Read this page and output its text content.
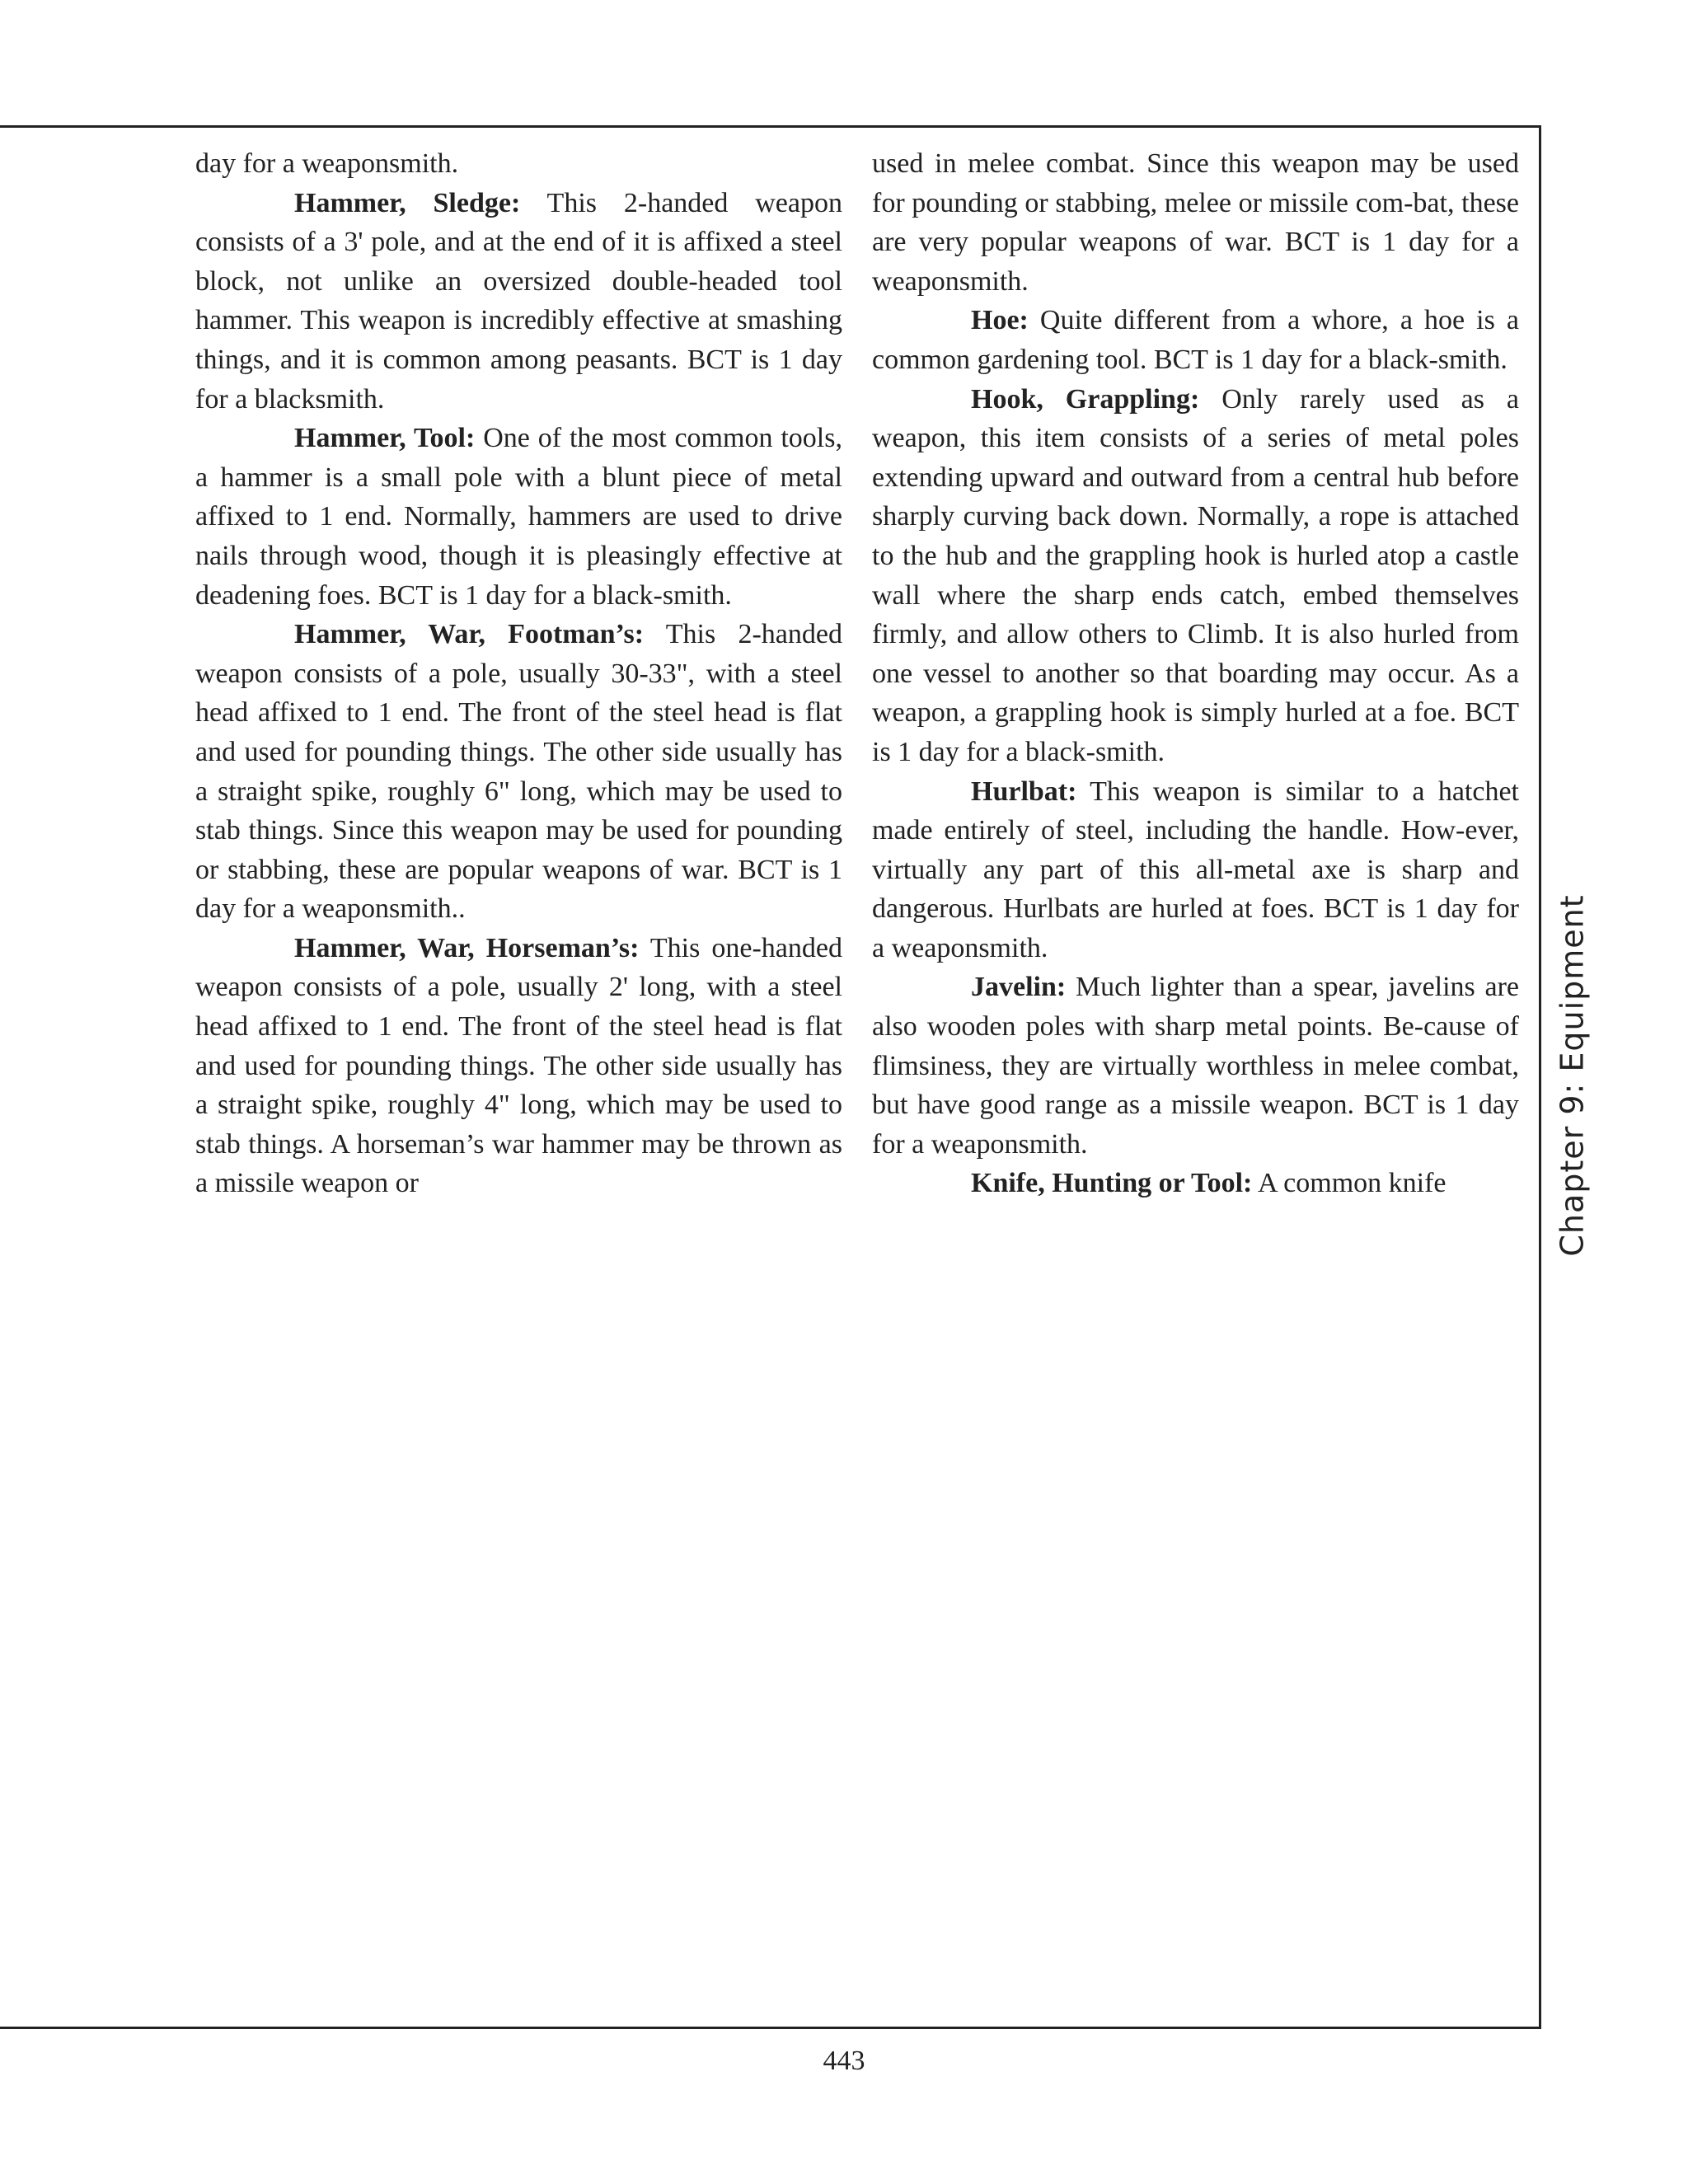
day for a weaponsmith.

Hammer, Sledge: This 2-handed weapon consists of a 3' pole, and at the end of it is affixed a steel block, not unlike an oversized double-headed tool hammer. This weapon is incredibly effective at smashing things, and it is common among peasants. BCT is 1 day for a blacksmith.

Hammer, Tool: One of the most common tools, a hammer is a small pole with a blunt piece of metal affixed to 1 end. Normally, hammers are used to drive nails through wood, though it is pleasingly effective at deadening foes. BCT is 1 day for a black-smith.

Hammer, War, Footman’s: This 2-handed weapon consists of a pole, usually 30-33", with a steel head affixed to 1 end. The front of the steel head is flat and used for pounding things. The other side usually has a straight spike, roughly 6" long, which may be used to stab things. Since this weapon may be used for pounding or stabbing, these are popular weapons of war. BCT is 1 day for a weaponsmith..

Hammer, War, Horseman’s: This one-handed weapon consists of a pole, usually 2' long, with a steel head affixed to 1 end. The front of the steel head is flat and used for pounding things. The other side usually has a straight spike, roughly 4" long, which may be used to stab things. A horseman’s war hammer may be thrown as a missile weapon or

used in melee combat. Since this weapon may be used for pounding or stabbing, melee or missile com-bat, these are very popular weapons of war. BCT is 1 day for a weaponsmith.

Hoe: Quite different from a whore, a hoe is a common gardening tool. BCT is 1 day for a black-smith.

Hook, Grappling: Only rarely used as a weapon, this item consists of a series of metal poles extending upward and outward from a central hub before sharply curving back down. Normally, a rope is attached to the hub and the grappling hook is hurled atop a castle wall where the sharp ends catch, embed themselves firmly, and allow others to Climb. It is also hurled from one vessel to another so that boarding may occur. As a weapon, a grappling hook is simply hurled at a foe. BCT is 1 day for a black-smith.

Hurlbat: This weapon is similar to a hatchet made entirely of steel, including the handle. How-ever, virtually any part of this all-metal axe is sharp and dangerous. Hurlbats are hurled at foes. BCT is 1 day for a weaponsmith.

Javelin: Much lighter than a spear, javelins are also wooden poles with sharp metal points. Be-cause of flimsiness, they are virtually worthless in melee combat, but have good range as a missile weapon. BCT is 1 day for a weaponsmith.

Knife, Hunting or Tool: A common knife	Chapter 9: Equipment
443
